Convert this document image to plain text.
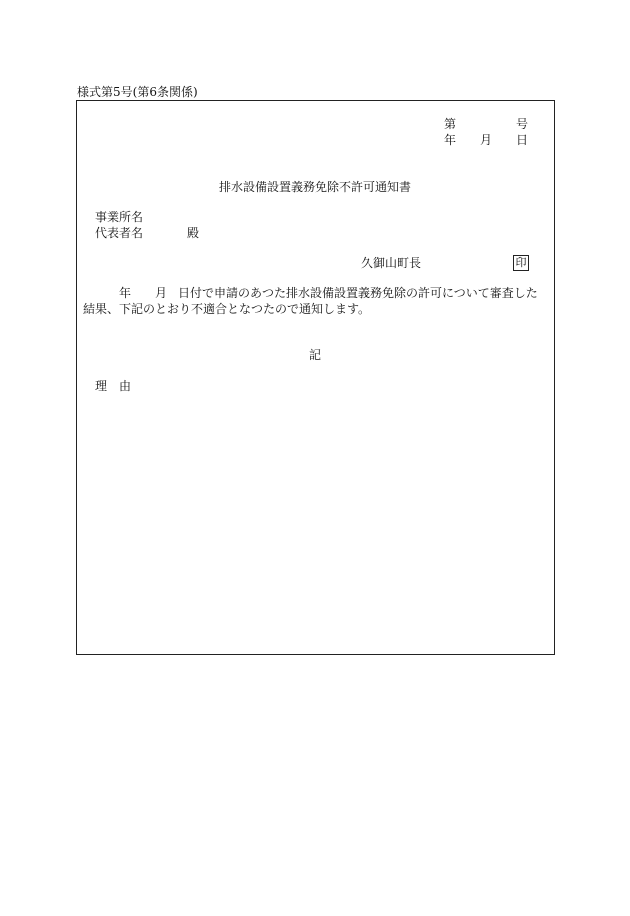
様式第5号(第6条関係)
第	号
年 月 日
排水設備設置義務免除不許可通知書
事業所名
代表者名	殿
久御山町長	印
年 月 日付で申請のあつた排水設備設置義務免除の許可について審査した
結果、下記のとおり不適合となつたので通知します。
記
理由
